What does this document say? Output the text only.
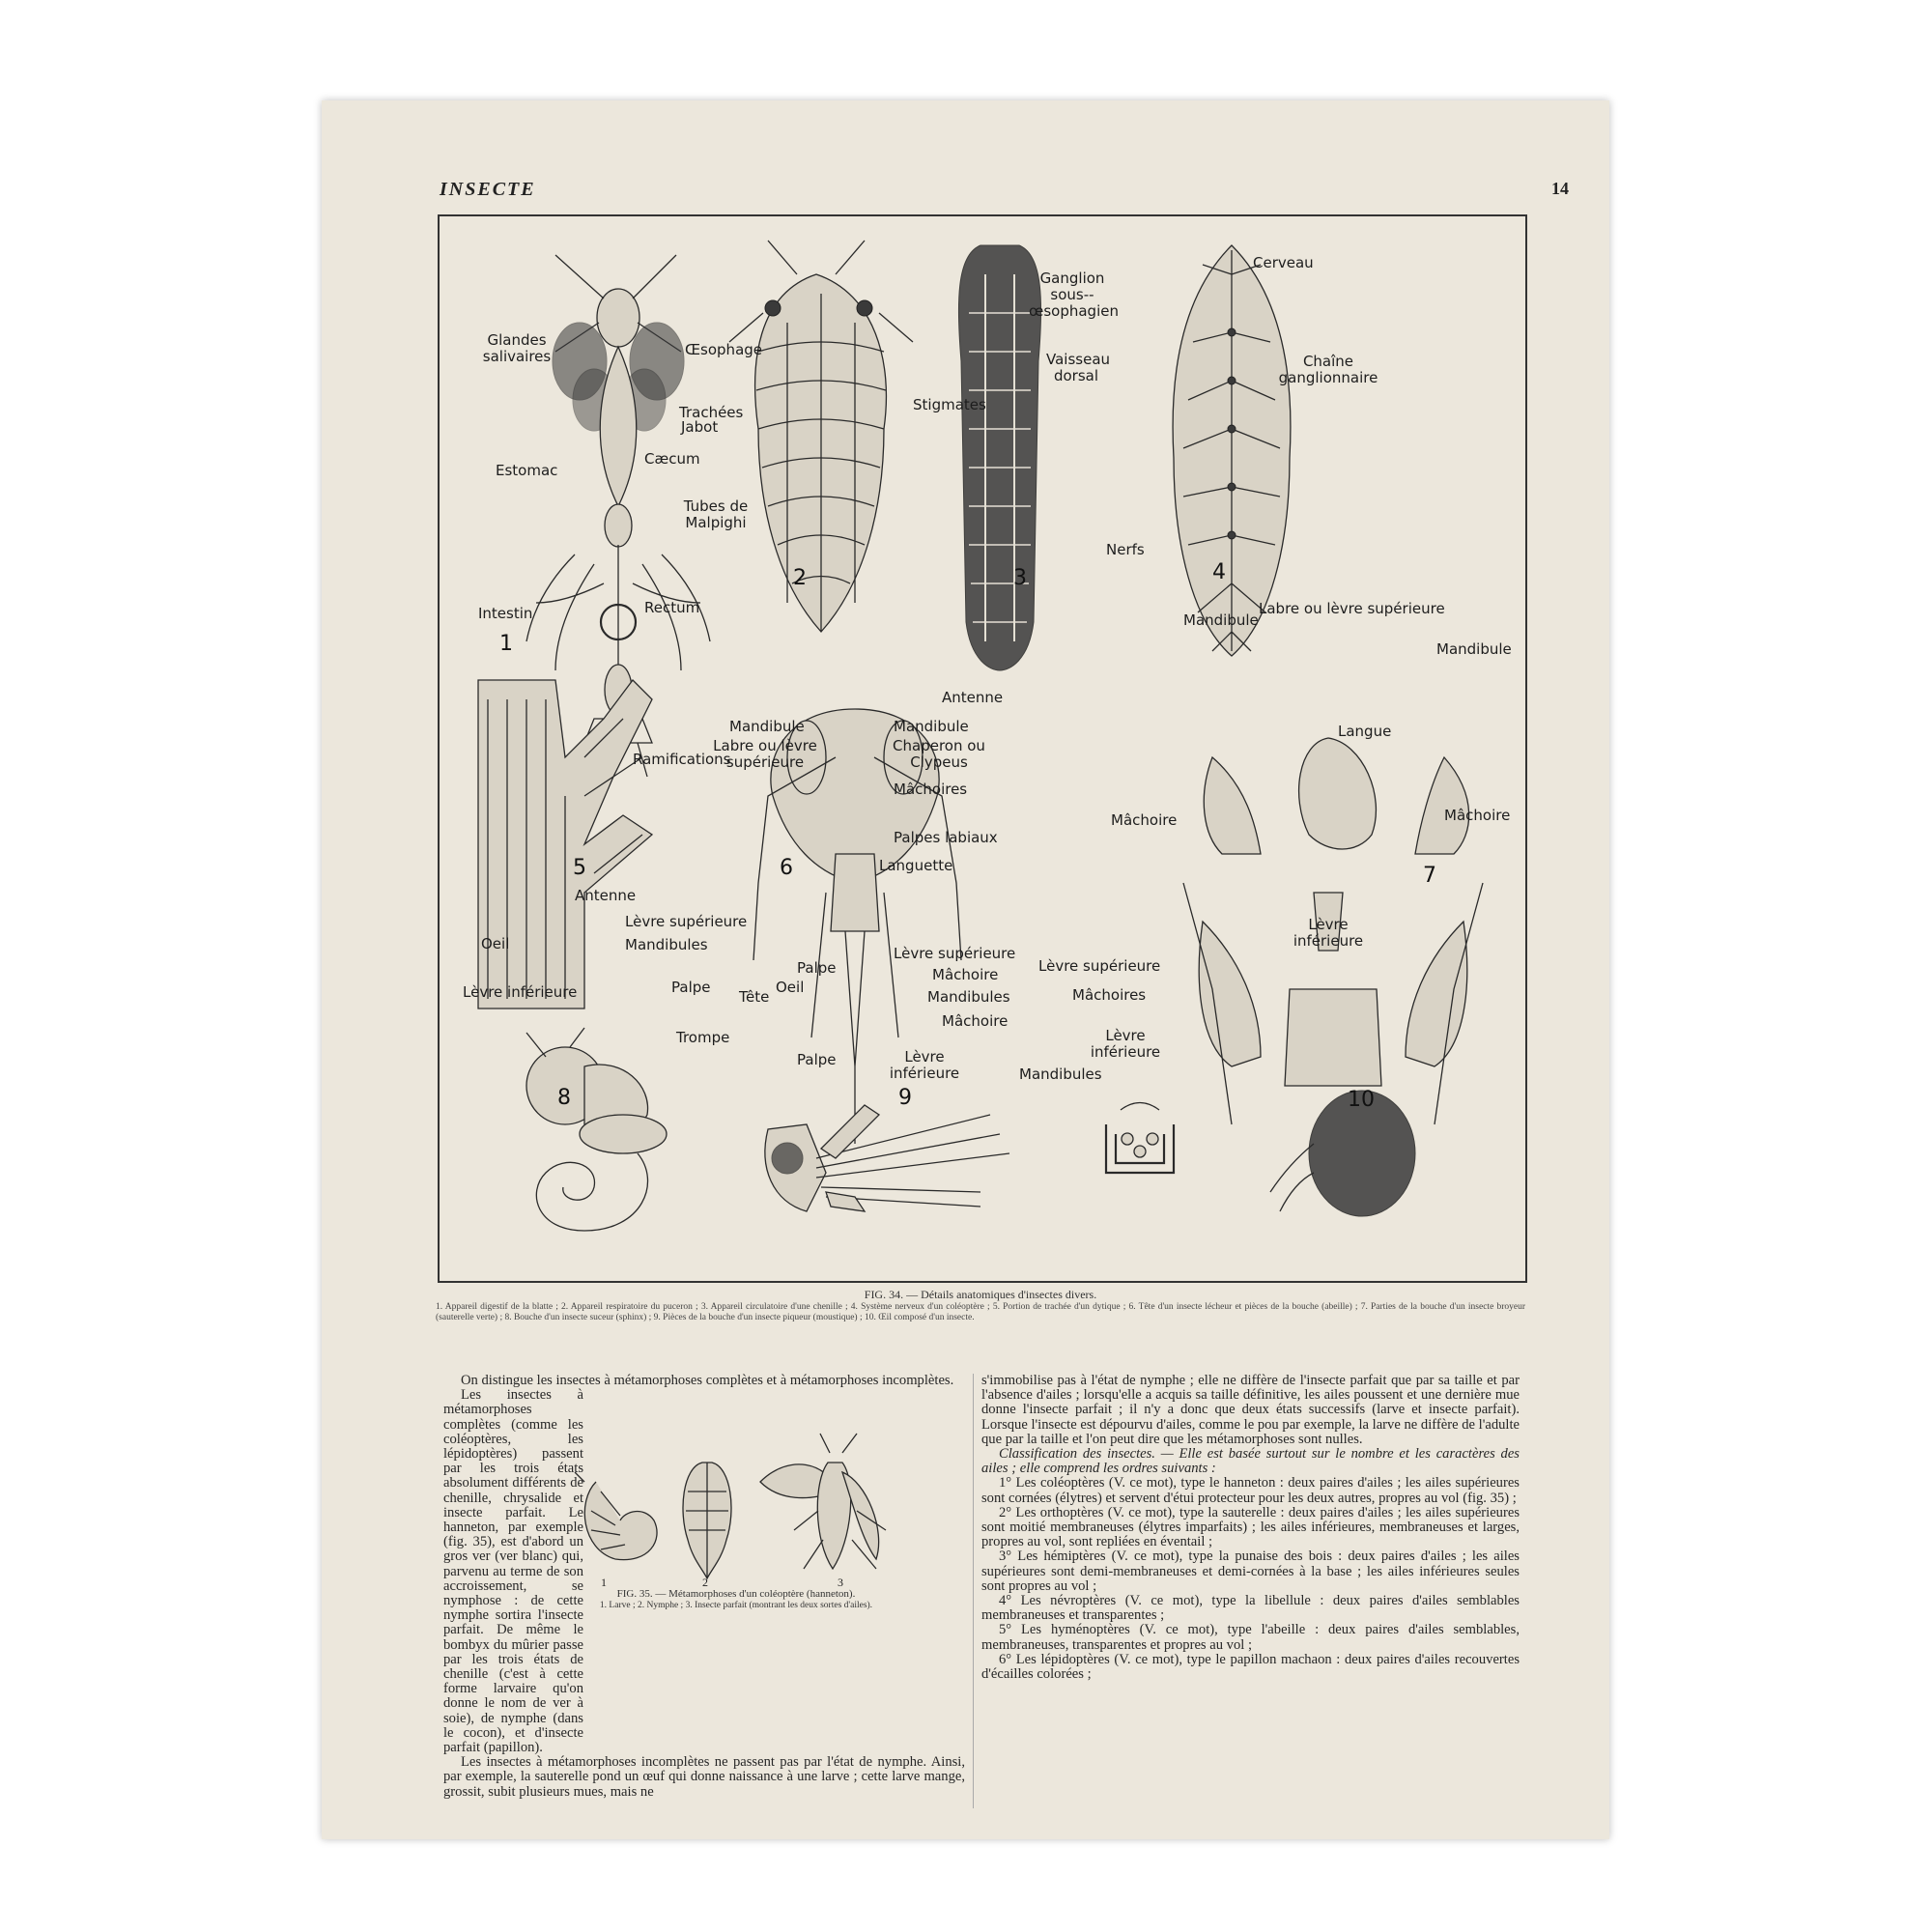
INSECTE	14
Glandes salivaires	Œsophage
Jabot
Cæcum
Estomac
Tubes de Malpighi
Intestin	Rectum
Trachées	Stigmates
Ganglion sous--œsophagien
Vaisseau dorsal
Cerveau
Chaîne ganglionnaire
Nerfs
Ramifications
Antenne
Mandibule	Mandibule
Labre ou lèvre supérieure
Chaperon ou Clypeus
Mâchoires
Palpes labiaux
Languette
Mandibule
Labre ou lèvre supérieure
Mandibule
Langue
Mâchoire	Mâchoire
Lèvre inférieure
Antenne
Lèvre supérieure
Mandibules
Oeil
Palpe
Lèvre inférieure
Trompe
Palpe
Oeil
Tête
Lèvre supérieure
Mâchoire
Mandibules
Mâchoire
Palpe	Lèvre inférieure
Lèvre supérieure
Mâchoires
Lèvre inférieure
Mandibules
1
2	3	4
5	6	7
8	9	10
FIG. 34. — Détails anatomiques d'insectes divers.
1. Appareil digestif de la blatte ; 2. Appareil respiratoire du puceron ; 3. Appareil circulatoire d'une chenille ; 4. Système nerveux d'un coléoptère ; 5. Portion de trachée d'un dytique ; 6. Tête d'un insecte lécheur et pièces de la bouche (abeille) ; 7. Parties de la bouche d'un insecte broyeur (sauterelle verte) ; 8. Bouche d'un insecte suceur (sphinx) ; 9. Pièces de la bouche d'un insecte piqueur (moustique) ; 10. Œil composé d'un insecte.

On distingue les insectes à métamorphoses complètes et à métamorphoses incomplètes.

Les insectes à métamorphoses complètes (comme les coléoptères, les lépidoptères) passent par les trois états absolument différents de chenille, chrysalide et insecte parfait. Le hanneton, par exemple (fig. 35), est d'abord un gros ver (ver blanc) qui, parvenu au terme de son accroissement, se nymphose : de cette nymphe sortira l'insecte parfait. De même le bombyx du mûrier passe par les trois états de chenille (c'est à cette forme larvaire qu'on donne le nom de ver à soie), de nymphe (dans le cocon), et d'insecte parfait (papillon).

Les insectes à métamorphoses incomplètes ne passent pas par l'état de nymphe. Ainsi, par exemple, la sauterelle pond un œuf qui donne naissance à une larve ; cette larve mange, grossit, subit plusieurs mues, mais ne

1	2	3
FIG. 35. — Métamorphoses d'un coléoptère (hanneton).
1. Larve ; 2. Nymphe ; 3. Insecte parfait (montrant les deux sortes d'ailes).

s'immobilise pas à l'état de nymphe ; elle ne diffère de l'insecte parfait que par sa taille et par l'absence d'ailes ; lorsqu'elle a acquis sa taille définitive, les ailes poussent et une dernière mue donne l'insecte parfait ; il n'y a donc que deux états successifs (larve et insecte parfait). Lorsque l'insecte est dépourvu d'ailes, comme le pou par exemple, la larve ne diffère de l'adulte que par la taille et l'on peut dire que les métamorphoses sont nulles.

Classification des insectes. — Elle est basée surtout sur le nombre et les caractères des ailes ; elle comprend les ordres suivants :

1° Les coléoptères (V. ce mot), type le hanneton : deux paires d'ailes ; les ailes supérieures sont cornées (élytres) et servent d'étui protecteur pour les deux autres, propres au vol (fig. 35) ;

2° Les orthoptères (V. ce mot), type la sauterelle : deux paires d'ailes ; les ailes supérieures sont moitié membraneuses (élytres imparfaits) ; les ailes inférieures, membraneuses et larges, propres au vol, sont repliées en éventail ;

3° Les hémiptères (V. ce mot), type la punaise des bois : deux paires d'ailes ; les ailes supérieures sont demi-membraneuses et demi-cornées à la base ; les ailes inférieures seules sont propres au vol ;

4° Les névroptères (V. ce mot), type la libellule : deux paires d'ailes semblables membraneuses et transparentes ;

5° Les hyménoptères (V. ce mot), type l'abeille : deux paires d'ailes semblables, membraneuses, transparentes et propres au vol ;

6° Les lépidoptères (V. ce mot), type le papillon machaon : deux paires d'ailes recouvertes d'écailles colorées ;
